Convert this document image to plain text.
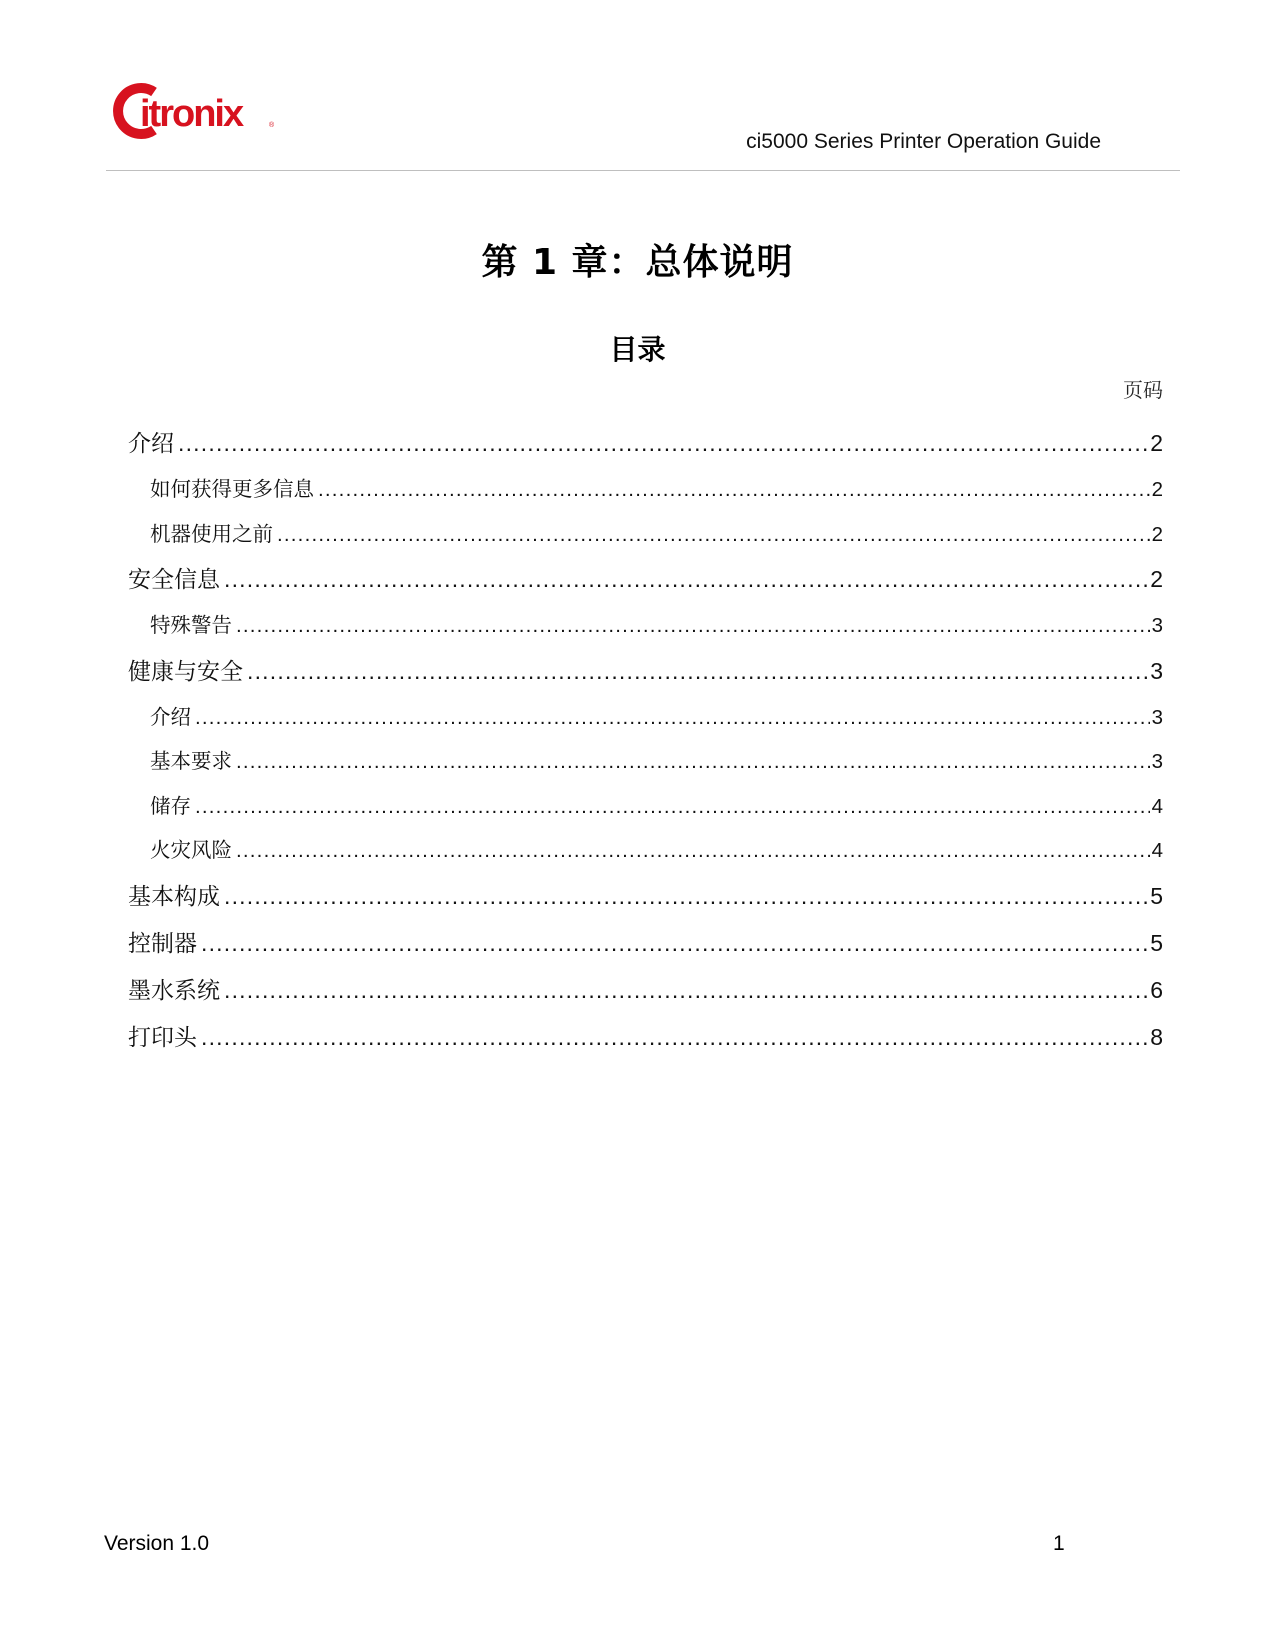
itronix	®
ci5000 Series Printer Operation Guide
第 1 章：总体说明
目录
页码
介绍 .....	2
如何获得更多信息 .....	2
机器使用之前 .....	2
安全信息 .....	2
特殊警告 .....	3
健康与安全 .....	3
介绍 .....	3
基本要求 .....	3
储存 .....	4
火灾风险 .....	4
基本构成 .....	5
控制器 .....	5
墨水系统 .....	6
打印头 .....	8
Version 1.0	1
